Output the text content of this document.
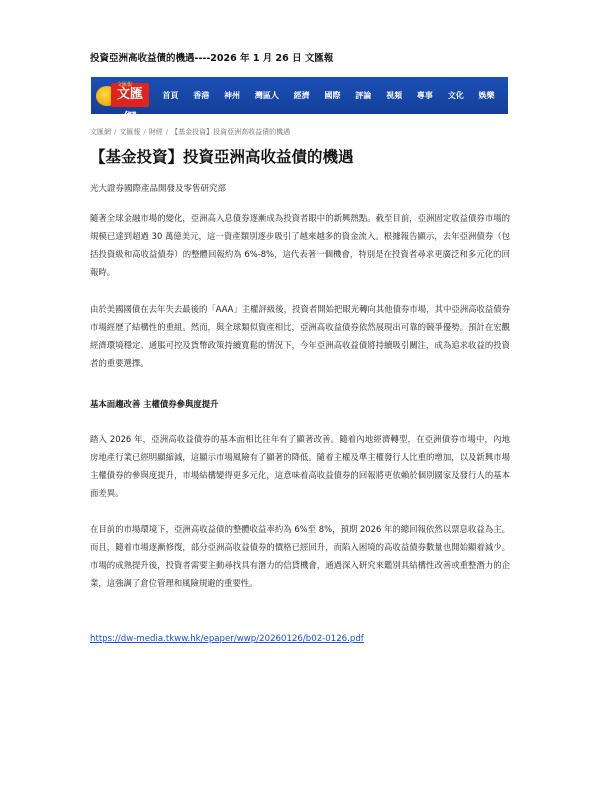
投資亞洲高收益債的機遇----2026 年 1 月 26 日 文匯報
文匯網
文匯報
首頁 香港 神州 灣區人 經濟 國際 評論 視頻 專事 文化 娛樂
文匯網 / 文匯報 / 財經 / 【基金投資】投資亞洲高收益債的機遇
【基金投資】投資亞洲高收益債的機遇
光大證券國際產品開發及零售研究部

隨著全球金融市場的變化，亞洲高入息債券逐漸成為投資者眼中的新興熱點。截至目前，亞洲固定收益債券市場的規模已達到超過 30 萬億美元，這一資產類別逐步吸引了越來越多的資金流入。根據報告顯示，去年亞洲債券（包括投資級和高收益債券）的整體回報約為 6%-8%，這代表著一個機會，特別是在投資者尋求更廣泛和多元化的回報時。

由於美國國債在去年失去最後的「AAA」主權評級後，投資者開始把眼光轉向其他債券市場，其中亞洲高收益債券市場經歷了結構性的重組。然而，與全球類似資產相比，亞洲高收益債券依然展現出可靠的競爭優勢。預計在宏觀經濟環境穩定、通脹可控及貨幣政策持續寬鬆的情況下，今年亞洲高收益債將持續吸引關注，成為追求收益的投資者的重要選擇。

基本面趨改善 主權債券參與度提升

踏入 2026 年，亞洲高收益債券的基本面相比往年有了顯著改善。隨着內地經濟轉型，在亞洲債券市場中，內地房地產行業已經明顯縮減，這顯示市場風險有了顯著的降低。隨着主權及準主權發行人比重的增加，以及新興市場主權債券的參與度提升，市場結構變得更多元化，這意味着高收益債券的回報將更依賴於個別國家及發行人的基本面差異。

在目前的市場環境下，亞洲高收益債的整體收益率約為 6%至 8%，預期 2026 年的總回報依然以票息收益為主。而且，隨着市場逐漸修復，部分亞洲高收益債券的價格已經回升，而陷入困境的高收益債券數量也開始顯着減少。市場的成熟提升後，投資者需要主動尋找具有潛力的信貸機會，通過深入研究來鑑別具結構性改善或重整潛力的企業，這強調了倉位管理和風險規避的重要性。

https://dw-media.tkww.hk/epaper/wwp/20260126/b02-0126.pdf
